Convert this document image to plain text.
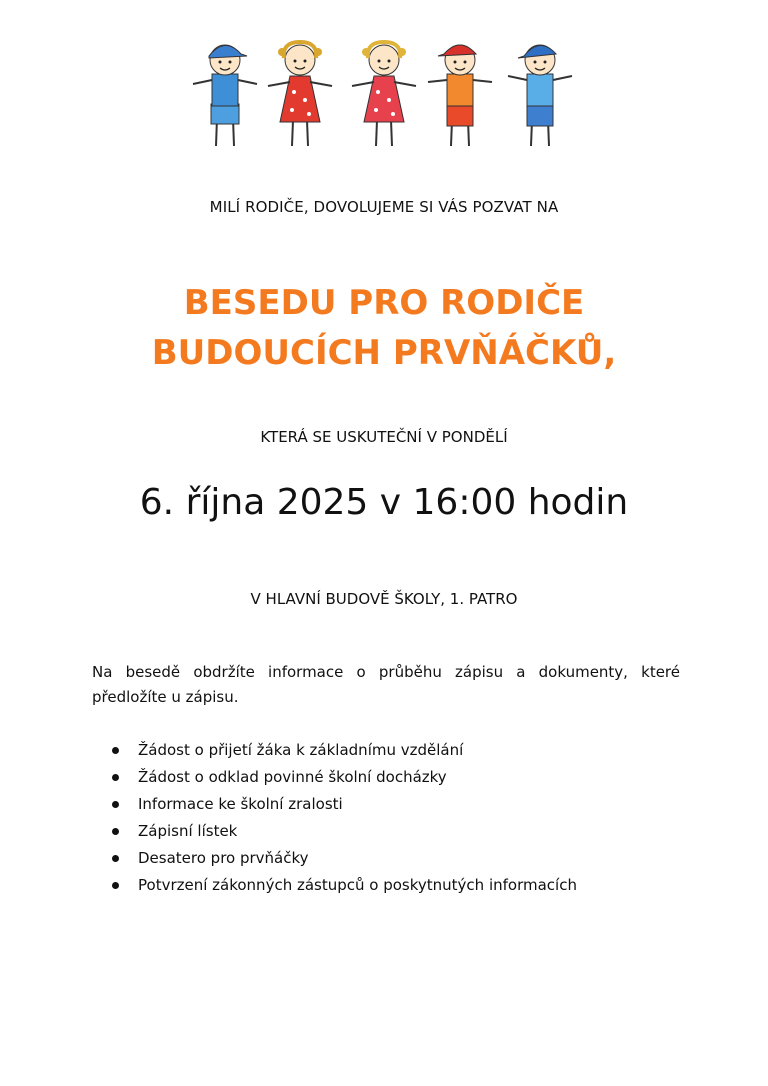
MILÍ RODIČE, DOVOLUJEME SI VÁS POZVAT NA
BESEDU PRO RODIČE
BUDOUCÍCH PRVŇÁČKŮ,
KTERÁ SE USKUTEČNÍ V PONDĚLÍ
6. října 2025 v 16:00 hodin
V HLAVNÍ BUDOVĚ ŠKOLY, 1. PATRO

Na besedě obdržíte informace o průběhu zápisu a dokumenty, které předložíte u zápisu.

Žádost o přijetí žáka k základnímu vzdělání
Žádost o odklad povinné školní docházky
Informace ke školní zralosti
Zápisní lístek
Desatero pro prvňáčky
Potvrzení zákonných zástupců o poskytnutých informacích
